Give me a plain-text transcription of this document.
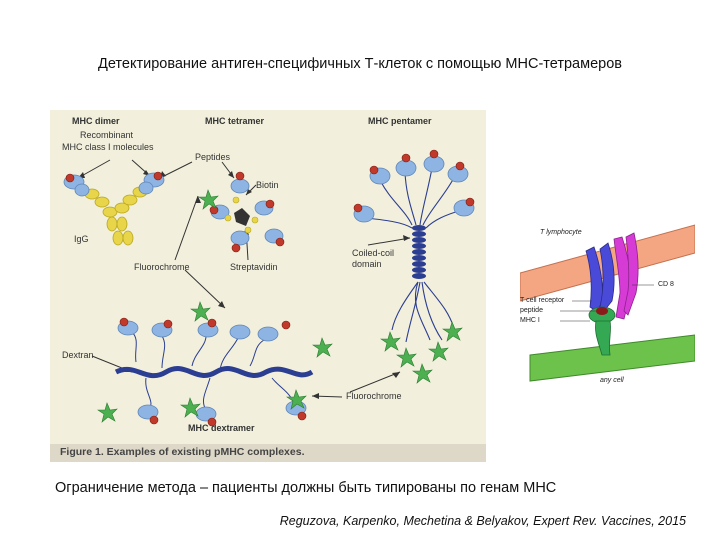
Детектирование антиген-специфичных Т-клеток с помощью МНС-тетрамеров
MHC dimer	MHC tetramer	MHC pentamer
MHC dextramer
Recombinant
MHC class I molecules
Peptides
Biotin
IgG
Fluorochrome	Streptavidin
Coiled-coil
domain
Dextran
Fluorochrome
Figure 1. Examples of existing pMHC complexes.
T lymphocyte
CD 8
T cell receptor
peptide
MHC I
any cell
Ограничение метода – пациенты должны быть типированы по генам МНС
Reguzova, Karpenko, Mechetina & Belyakov, Expert Rev. Vaccines, 2015
